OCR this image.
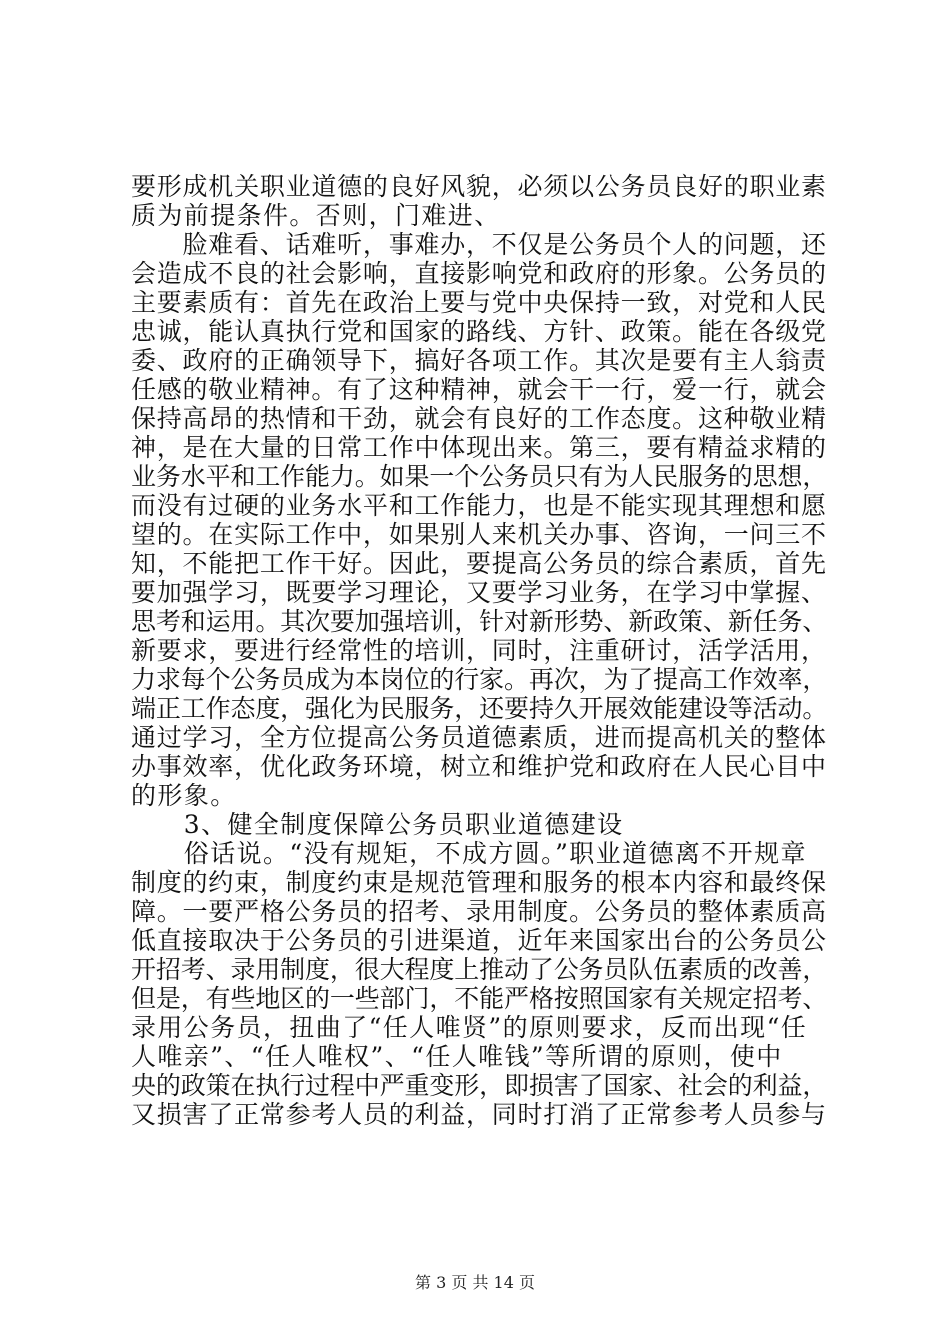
要形成机关职业道德的良好风貌，必须以公务员良好的职业素
质为前提条件。否则，门难进、
　　脸难看、话难听，事难办，不仅是公务员个人的问题，还
会造成不良的社会影响，直接影响党和政府的形象。公务员的
主要素质有：首先在政治上要与党中央保持一致，对党和人民
忠诚，能认真执行党和国家的路线、方针、政策。能在各级党
委、政府的正确领导下，搞好各项工作。其次是要有主人翁责
任感的敬业精神。有了这种精神，就会干一行，爱一行，就会
保持高昂的热情和干劲，就会有良好的工作态度。这种敬业精
神，是在大量的日常工作中体现出来。第三，要有精益求精的
业务水平和工作能力。如果一个公务员只有为人民服务的思想，
而没有过硬的业务水平和工作能力，也是不能实现其理想和愿
望的。在实际工作中，如果别人来机关办事、咨询，一问三不
知，不能把工作干好。因此，要提高公务员的综合素质，首先
要加强学习，既要学习理论，又要学习业务，在学习中掌握、
思考和运用。其次要加强培训，针对新形势、新政策、新任务、
新要求，要进行经常性的培训，同时，注重研讨，活学活用，
力求每个公务员成为本岗位的行家。再次，为了提高工作效率，
端正工作态度，强化为民服务，还要持久开展效能建设等活动。
通过学习，全方位提高公务员道德素质，进而提高机关的整体
办事效率，优化政务环境，树立和维护党和政府在人民心目中
的形象。
　　3、健全制度保障公务员职业道德建设
　　俗话说。“没有规矩，不成方圆。”职业道德离不开规章
制度的约束，制度约束是规范管理和服务的根本内容和最终保
障。一要严格公务员的招考、录用制度。公务员的整体素质高
低直接取决于公务员的引进渠道，近年来国家出台的公务员公
开招考、录用制度，很大程度上推动了公务员队伍素质的改善，
但是，有些地区的一些部门，不能严格按照国家有关规定招考、
录用公务员，扭曲了“任人唯贤”的原则要求，反而出现“任
人唯亲”、“任人唯权”、“任人唯钱”等所谓的原则，使中
央的政策在执行过程中严重变形，即损害了国家、社会的利益，
又损害了正常参考人员的利益，同时打消了正常参考人员参与
第 3 页 共 14 页
